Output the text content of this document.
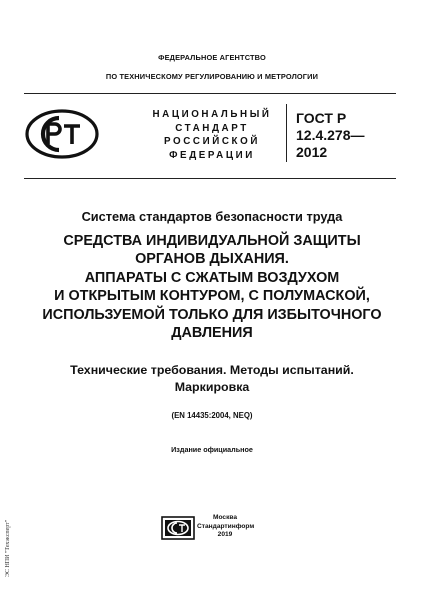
ФЕДЕРАЛЬНОЕ АГЕНТСТВО
ПО ТЕХНИЧЕСКОМУ РЕГУЛИРОВАНИЮ И МЕТРОЛОГИИ
НАЦИОНАЛЬНЫЙ
СТАНДАРТ
РОССИЙСКОЙ
ФЕДЕРАЦИИ
ГОСТ Р
12.4.278—
2012
Система стандартов безопасности труда
СРЕДСТВА ИНДИВИДУАЛЬНОЙ ЗАЩИТЫ
ОРГАНОВ ДЫХАНИЯ.
АППАРАТЫ С СЖАТЫМ ВОЗДУХОМ
И ОТКРЫТЫМ КОНТУРОМ, С ПОЛУМАСКОЙ,
ИСПОЛЬЗУЕМОЙ ТОЛЬКО ДЛЯ ИЗБЫТОЧНОГО
ДАВЛЕНИЯ
Технические требования. Методы испытаний.
Маркировка
(EN 14435:2004, NEQ)
Издание официальное
Москва
Стандартинформ
2019
ЭС НПИ "Техэксперт"
